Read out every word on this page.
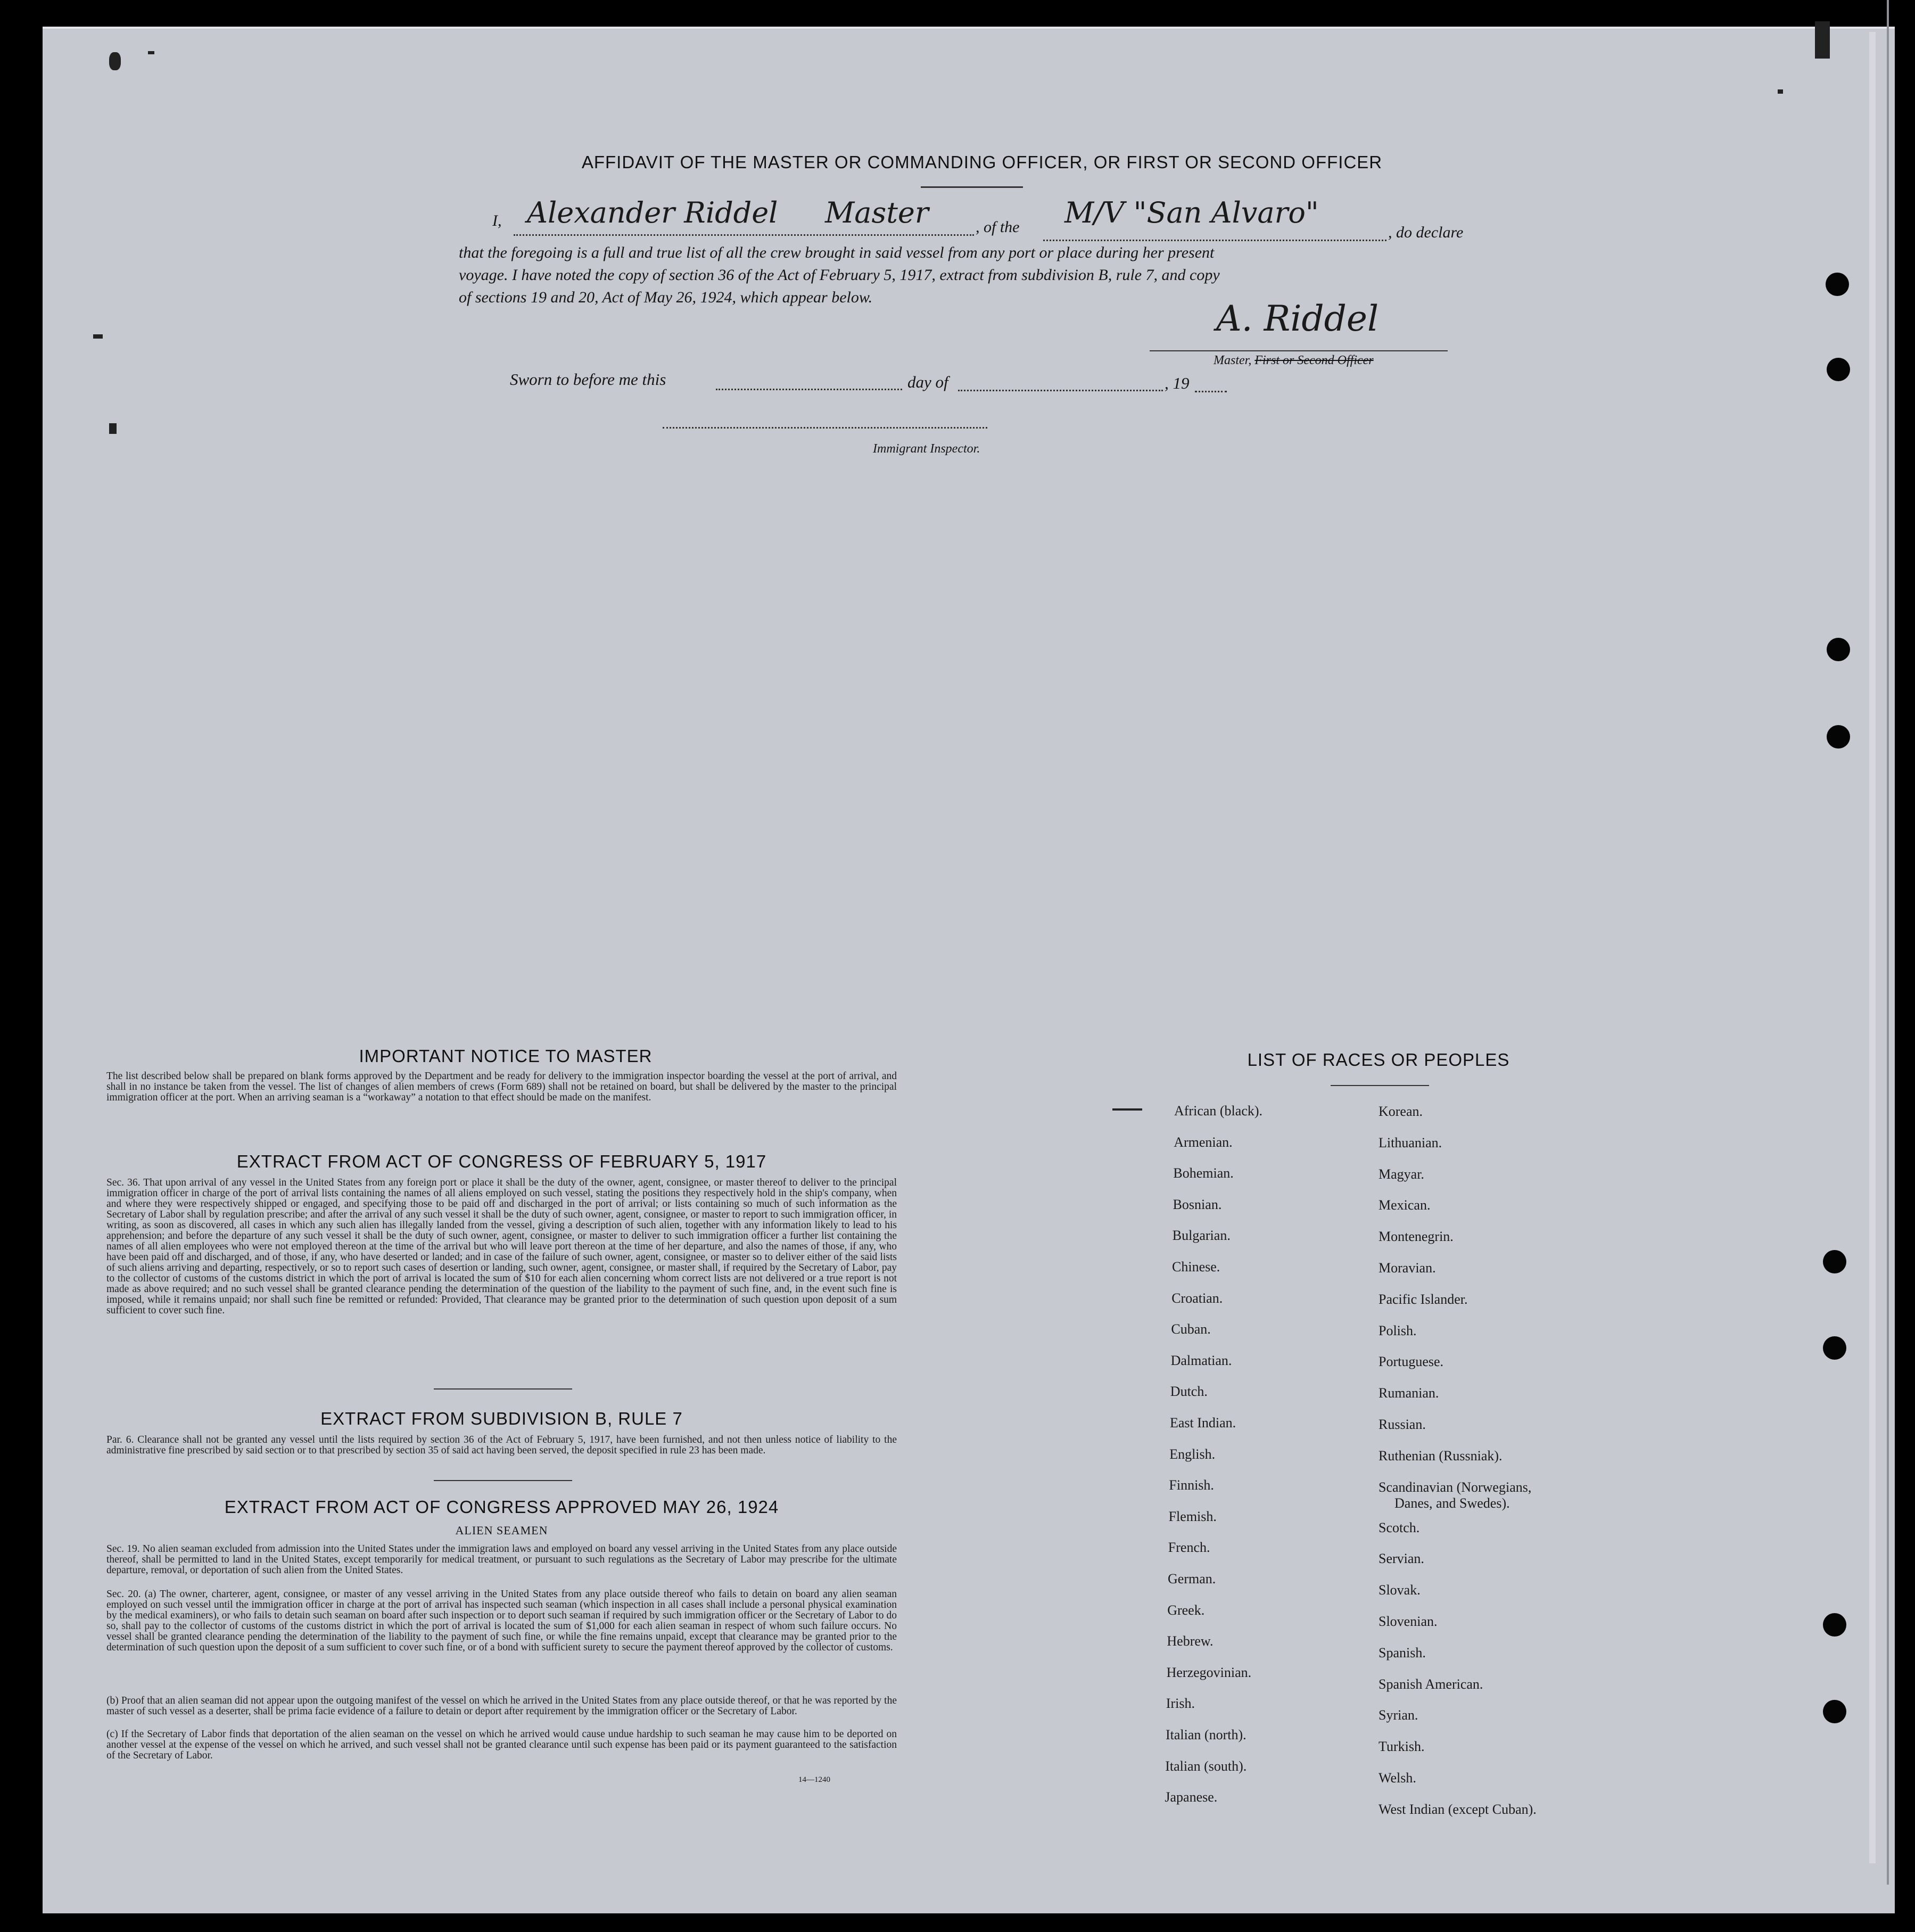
AFFIDAVIT OF THE MASTER OR COMMANDING OFFICER, OR FIRST OR SECOND OFFICER
I, Alexander Riddel Master	, of the M/V "San Alvaro"
, do declare
that the foregoing is a full and true list of all the crew brought in said vessel from any port or place during her present
voyage. I have noted the copy of section 36 of the Act of February 5, 1917, extract from subdivision B, rule 7, and copy
of sections 19 and 20, Act of May 26, 1924, which appear below.
A. Riddel
Master, First or Second Officer
Sworn to before me this	day of	, 19
Immigrant Inspector.
IMPORTANT NOTICE TO MASTER
The list described below shall be prepared on blank forms approved by the Department and be ready for delivery to the immigration inspector boarding the vessel at the port of arrival, and shall in no instance be taken from the vessel. The list of changes of alien members of crews (Form 689) shall not be retained on board, but shall be delivered by the master to the principal immigration officer at the port. When an arriving seaman is a “workaway” a notation to that effect should be made on the manifest.
EXTRACT FROM ACT OF CONGRESS OF FEBRUARY 5, 1917
Sec. 36. That upon arrival of any vessel in the United States from any foreign port or place it shall be the duty of the owner, agent, consignee, or master thereof to deliver to the principal immigration officer in charge of the port of arrival lists containing the names of all aliens employed on such vessel, stating the positions they respectively hold in the ship's company, when and where they were respectively shipped or engaged, and specifying those to be paid off and discharged in the port of arrival; or lists containing so much of such information as the Secretary of Labor shall by regulation prescribe; and after the arrival of any such vessel it shall be the duty of such owner, agent, consignee, or master to report to such immigration officer, in writing, as soon as discovered, all cases in which any such alien has illegally landed from the vessel, giving a description of such alien, together with any information likely to lead to his apprehension; and before the departure of any such vessel it shall be the duty of such owner, agent, consignee, or master to deliver to such immigration officer a further list containing the names of all alien employees who were not employed thereon at the time of the arrival but who will leave port thereon at the time of her departure, and also the names of those, if any, who have been paid off and discharged, and of those, if any, who have deserted or landed; and in case of the failure of such owner, agent, consignee, or master so to deliver either of the said lists of such aliens arriving and departing, respectively, or so to report such cases of desertion or landing, such owner, agent, consignee, or master shall, if required by the Secretary of Labor, pay to the collector of customs of the customs district in which the port of arrival is located the sum of $10 for each alien concerning whom correct lists are not delivered or a true report is not made as above required; and no such vessel shall be granted clearance pending the determination of the question of the liability to the payment of such fine, and, in the event such fine is imposed, while it remains unpaid; nor shall such fine be remitted or refunded: Provided, That clearance may be granted prior to the determination of such question upon deposit of a sum sufficient to cover such fine.
EXTRACT FROM SUBDIVISION B, RULE 7
Par. 6. Clearance shall not be granted any vessel until the lists required by section 36 of the Act of February 5, 1917, have been furnished, and not then unless notice of liability to the administrative fine prescribed by said section or to that prescribed by section 35 of said act having been served, the deposit specified in rule 23 has been made.
EXTRACT FROM ACT OF CONGRESS APPROVED MAY 26, 1924
ALIEN SEAMEN
Sec. 19. No alien seaman excluded from admission into the United States under the immigration laws and employed on board any vessel arriving in the United States from any place outside thereof, shall be permitted to land in the United States, except temporarily for medical treatment, or pursuant to such regulations as the Secretary of Labor may prescribe for the ultimate departure, removal, or deportation of such alien from the United States.
Sec. 20. (a) The owner, charterer, agent, consignee, or master of any vessel arriving in the United States from any place outside thereof who fails to detain on board any alien seaman employed on such vessel until the immigration officer in charge at the port of arrival has inspected such seaman (which inspection in all cases shall include a personal physical examination by the medical examiners), or who fails to detain such seaman on board after such inspection or to deport such seaman if required by such immigration officer or the Secretary of Labor to do so, shall pay to the collector of customs of the customs district in which the port of arrival is located the sum of $1,000 for each alien seaman in respect of whom such failure occurs. No vessel shall be granted clearance pending the determination of the liability to the payment of such fine, or while the fine remains unpaid, except that clearance may be granted prior to the determination of such question upon the deposit of a sum sufficient to cover such fine, or of a bond with sufficient surety to secure the payment thereof approved by the collector of customs.
(b) Proof that an alien seaman did not appear upon the outgoing manifest of the vessel on which he arrived in the United States from any place outside thereof, or that he was reported by the master of such vessel as a deserter, shall be prima facie evidence of a failure to detain or deport after requirement by the immigration officer or the Secretary of Labor.
(c) If the Secretary of Labor finds that deportation of the alien seaman on the vessel on which he arrived would cause undue hardship to such seaman he may cause him to be deported on another vessel at the expense of the vessel on which he arrived, and such vessel shall not be granted clearance until such expense has been paid or its payment guaranteed to the satisfaction of the Secretary of Labor.
14—1240
LIST OF RACES OR PEOPLES
African (black).
Armenian.
Bohemian.
Bosnian.
Bulgarian.
Chinese.
Croatian.
Cuban.
Dalmatian.
Dutch.
East Indian.
English.
Finnish.
Flemish.
French.
German.
Greek.
Hebrew.
Herzegovinian.
Irish.
Italian (north).
Italian (south).
Japanese.
Korean.
Lithuanian.
Magyar.
Mexican.
Montenegrin.
Moravian.
Pacific Islander.
Polish.
Portuguese.
Rumanian.
Russian.
Ruthenian (Russniak).
Scandinavian (Norwegians,
Danes, and Swedes).
Scotch.
Servian.
Slovak.
Slovenian.
Spanish.
Spanish American.
Syrian.
Turkish.
Welsh.
West Indian (except Cuban).
